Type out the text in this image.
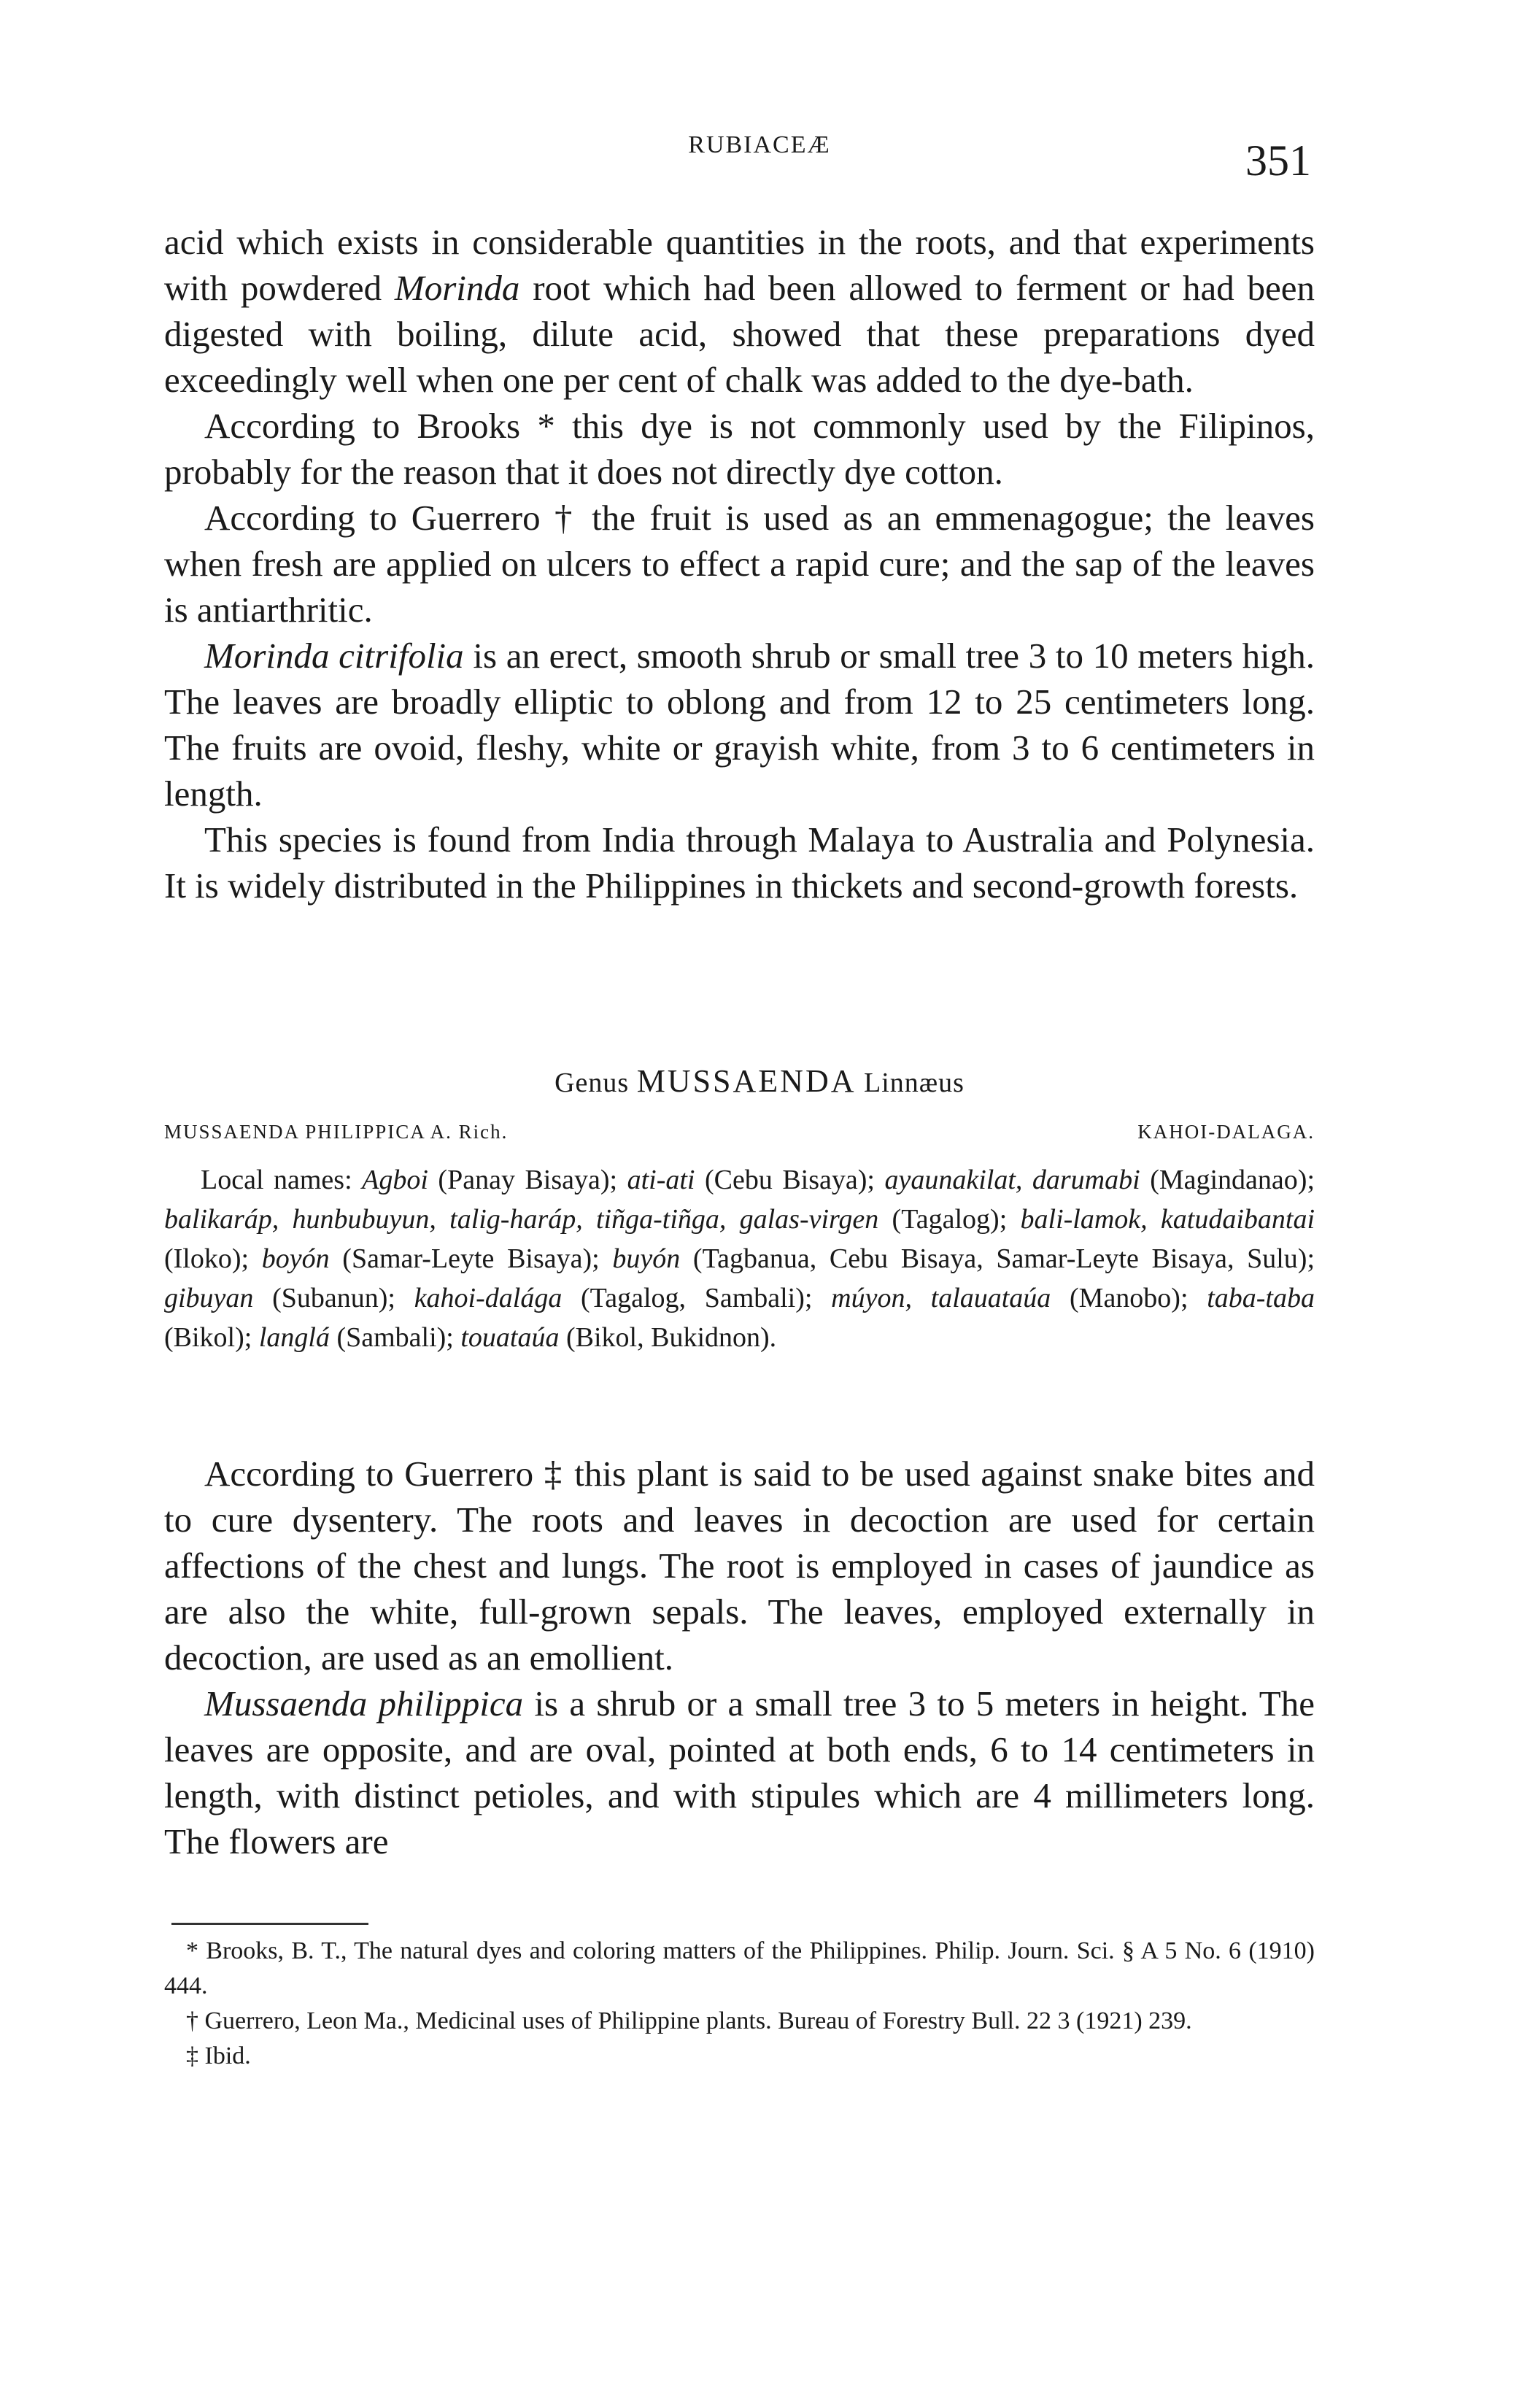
RUBIACEÆ	351

acid which exists in considerable quantities in the roots, and that experiments with powdered Morinda root which had been allowed to ferment or had been digested with boiling, dilute acid, showed that these preparations dyed exceedingly well when one per cent of chalk was added to the dye-bath.

According to Brooks * this dye is not commonly used by the Filipinos, probably for the reason that it does not directly dye cotton.

According to Guerrero † the fruit is used as an emmenagogue; the leaves when fresh are applied on ulcers to effect a rapid cure; and the sap of the leaves is antiarthritic.

Morinda citrifolia is an erect, smooth shrub or small tree 3 to 10 meters high. The leaves are broadly elliptic to oblong and from 12 to 25 centimeters long. The fruits are ovoid, fleshy, white or grayish white, from 3 to 6 centimeters in length.

This species is found from India through Malaya to Australia and Polynesia. It is widely distributed in the Philippines in thickets and second-growth forests.

Genus MUSSAENDA Linnæus
MUSSAENDA PHILIPPICA A. Rich.	KAHOI-DALAGA.

Local names: Agboi (Panay Bisaya); ati-ati (Cebu Bisaya); ayaunakilat, darumabi (Magindanao); balikaráp, hunbubuyun, talig-haráp, tiñga-tiñga, galas-virgen (Tagalog); bali-lamok, katudaibantai (Iloko); boyón (Samar-Leyte Bisaya); buyón (Tagbanua, Cebu Bisaya, Samar-Leyte Bisaya, Sulu); gibuyan (Subanun); kahoi-dalága (Tagalog, Sambali); múyon, talauataúa (Manobo); taba-taba (Bikol); langlá (Sambali); touataúa (Bikol, Bukidnon).

According to Guerrero ‡ this plant is said to be used against snake bites and to cure dysentery. The roots and leaves in decoction are used for certain affections of the chest and lungs. The root is employed in cases of jaundice as are also the white, full-grown sepals. The leaves, employed externally in decoction, are used as an emollient.

Mussaenda philippica is a shrub or a small tree 3 to 5 meters in height. The leaves are opposite, and are oval, pointed at both ends, 6 to 14 centimeters in length, with distinct petioles, and with stipules which are 4 millimeters long. The flowers are

* Brooks, B. T., The natural dyes and coloring matters of the Philippines. Philip. Journ. Sci. § A 5 No. 6 (1910) 444.

† Guerrero, Leon Ma., Medicinal uses of Philippine plants. Bureau of Forestry Bull. 22 3 (1921) 239.

‡ Ibid.
